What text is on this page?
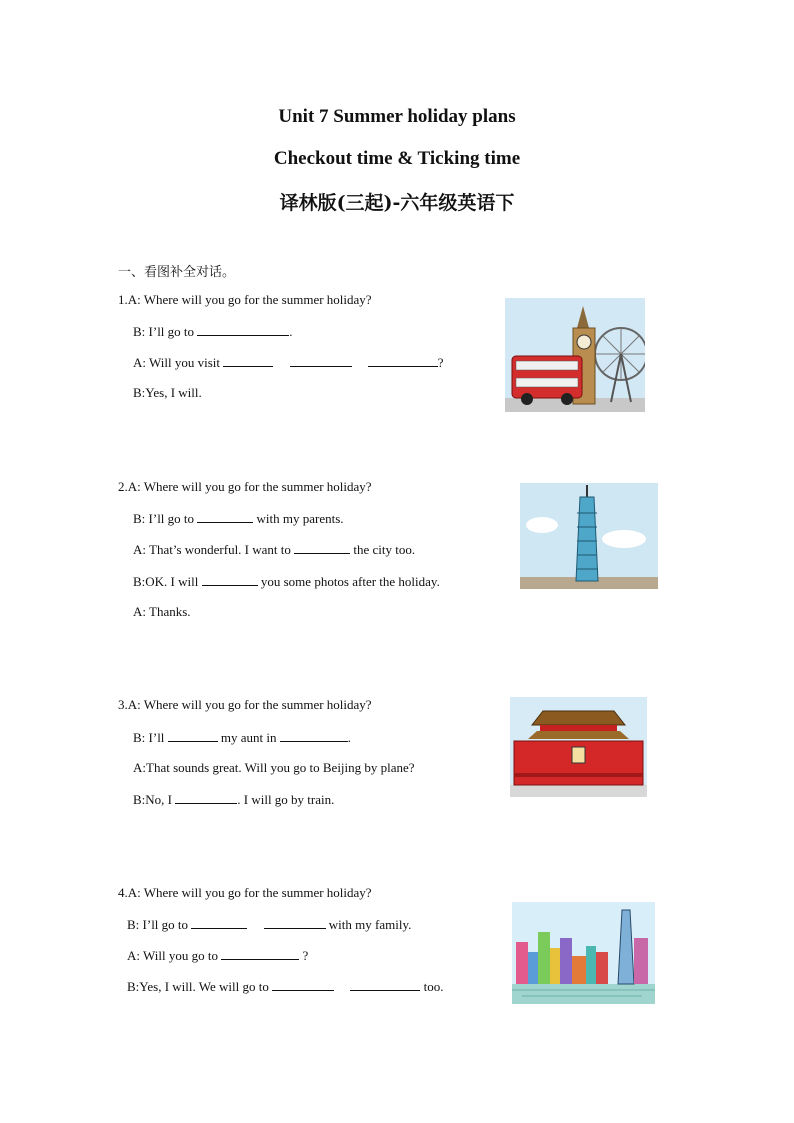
Unit 7 Summer holiday plans
Checkout time & Ticking time
译林版(三起)-六年级英语下
一、看图补全对话。
1.A: Where will you go for the summer holiday?
B: I’ll go to	.
A: Will you visit	?
B:Yes, I will.
2.A: Where will you go for the summer holiday?
B: I’ll go to	with my parents.
A: That’s wonderful. I want to	the city too.
B:OK. I will	you some photos after the holiday.
A: Thanks.
3.A: Where will you go for the summer holiday?
B: I’ll	my aunt in	.
A:That sounds great. Will you go to Beijing by plane?
B:No, I	. I will go by train.
4.A: Where will you go for the summer holiday?
B: I’ll go to	with my family.
A: Will you go to	?
B:Yes, I will. We will go to	too.
